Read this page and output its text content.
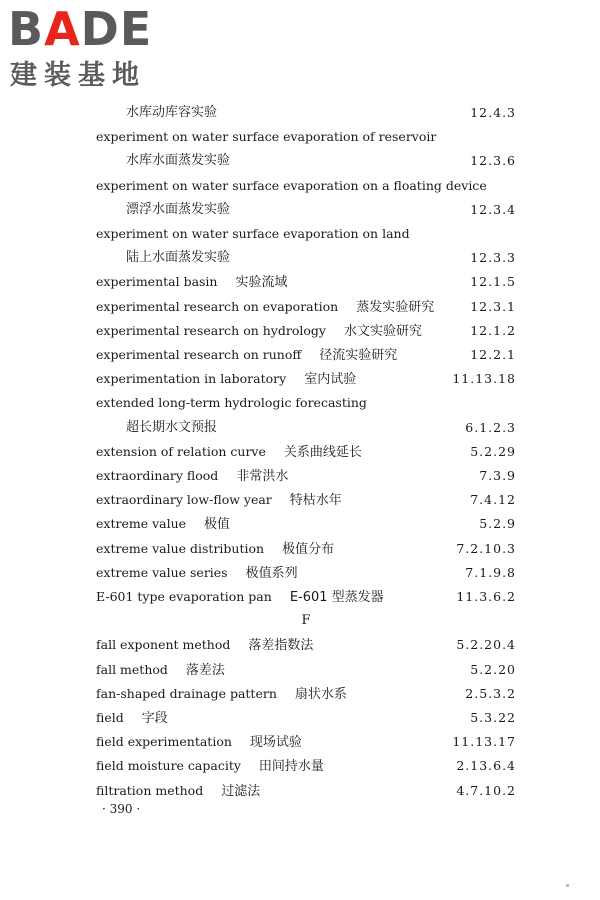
BADE
建装基地
水库动库容实验	12.4.3
experiment on water surface evaporation of reservoir
水库水面蒸发实验	12.3.6
experiment on water surface evaporation on a floating device
漂浮水面蒸发实验	12.3.4
experiment on water surface evaporation on land
陆上水面蒸发实验	12.3.3
experimental basin 实验流域	12.1.5
experimental research on evaporation 蒸发实验研究	12.3.1
experimental research on hydrology 水文实验研究	12.1.2
experimental research on runoff 径流实验研究	12.2.1
experimentation in laboratory 室内试验	11.13.18
extended long-term hydrologic forecasting
超长期水文预报	6.1.2.3
extension of relation curve 关系曲线延长	5.2.29
extraordinary flood 非常洪水	7.3.9
extraordinary low-flow year 特枯水年	7.4.12
extreme value 极值	5.2.9
extreme value distribution 极值分布	7.2.10.3
extreme value series 极值系列	7.1.9.8
E-601 type evaporation pan E-601 型蒸发器	11.3.6.2
F
fall exponent method 落差指数法	5.2.20.4
fall method 落差法	5.2.20
fan-shaped drainage pattern 扇状水系	2.5.3.2
field 字段	5.3.22
field experimentation 现场试验	11.13.17
field moisture capacity 田间持水量	2.13.6.4
filtration method 过滤法	4.7.10.2
· 390 ·
